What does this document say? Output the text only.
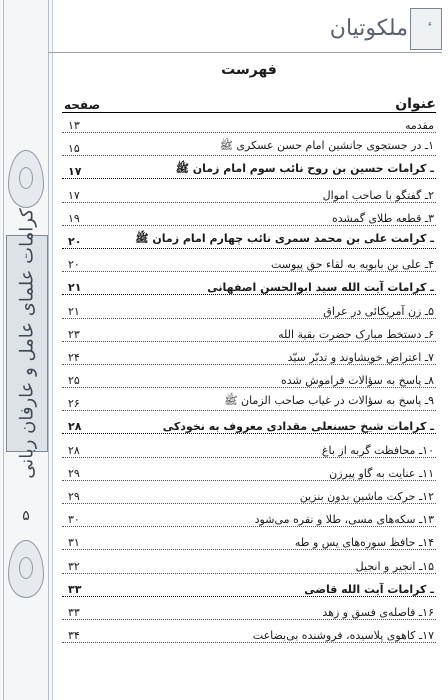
کرامات علمای عامل و عارفان ربانی
۵
ملکوتیان
فهرست
عنوان
صفحه
مقدمه
۱۳
۱ـ در جستجوی جانشین امام حسن عسکری ﷺ
۱۵
ـ کرامات حسین بن روح نائب سوم امام زمان ﷺ
۱۷
۲ـ گفتگو با صاحب اموال
۱۷
۳ـ قطعه طلای گمشده
۱۹
ـ کرامت علی بن محمد سمری نائب چهارم امام زمان ﷺ
۲۰
۴ـ علی بن بابویه به لقاء حق پیوست
۲۰
ـ کرامات آیت الله سید ابوالحسن اصفهانی
۲۱
۵ـ زن آمریکائی در عراق
۲۱
۶ـ دستخط مبارک حضرت بقیة الله
۲۳
۷ـ اعتراض خویشاوند و تدبّر سیّد
۲۴
۸ـ پاسخ به سؤالات فراموش شده
۲۵
۹ـ پاسخ به سؤالات در غیاب صاحب الزمان ﷺ
۲۶
ـ کرامات شیخ حسنعلی مقدادی معروف به نخودکی
۲۸
۱۰ـ محافظت گربه از باغ
۲۸
۱۱ـ عنایت به گاو پیرزن
۲۹
۱۲ـ حرکت ماشین بدون بنزین
۲۹
۱۳ـ سکه‌های مسی، طلا و نقره می‌شود
۳۰
۱۴ـ حافظ سوره‌های یس و طه
۳۱
۱۵ـ انجیر و انجیل
۳۲
ـ کرامات آیت الله قاضی
۳۳
۱۶ـ فاصله‌ی فسق و زهد
۳۳
۱۷ـ کاهوی پلاسیده، فروشنده بی‌بضاعت
۳۴
